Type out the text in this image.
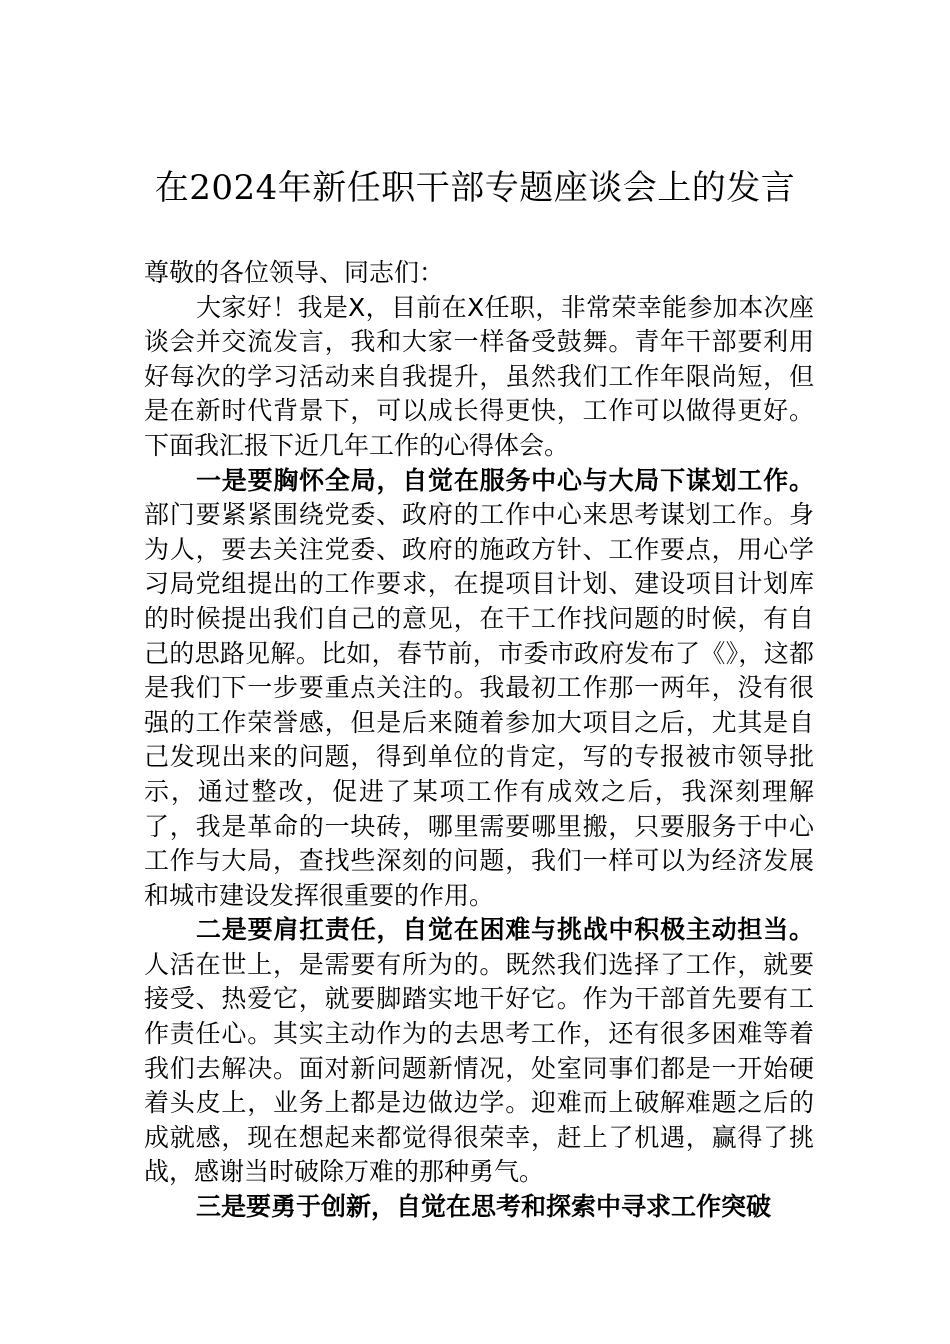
在2024年新任职干部专题座谈会上的发言

尊敬的各位领导、同志们：

大家好！我是X，目前在X任职，非常荣幸能参加本次座谈会并交流发言，我和大家一样备受鼓舞。青年干部要利用好每次的学习活动来自我提升，虽然我们工作年限尚短，但是在新时代背景下，可以成长得更快，工作可以做得更好。下面我汇报下近几年工作的心得体会。

一是要胸怀全局，自觉在服务中心与大局下谋划工作。部门要紧紧围绕党委、政府的工作中心来思考谋划工作。身为人，要去关注党委、政府的施政方针、工作要点，用心学习局党组提出的工作要求，在提项目计划、建设项目计划库的时候提出我们自己的意见，在干工作找问题的时候，有自己的思路见解。比如，春节前，市委市政府发布了《》，这都是我们下一步要重点关注的。我最初工作那一两年，没有很强的工作荣誉感，但是后来随着参加大项目之后，尤其是自己发现出来的问题，得到单位的肯定，写的专报被市领导批示，通过整改，促进了某项工作有成效之后，我深刻理解了，我是革命的一块砖，哪里需要哪里搬，只要服务于中心工作与大局，查找些深刻的问题，我们一样可以为经济发展和城市建设发挥很重要的作用。

二是要肩扛责任，自觉在困难与挑战中积极主动担当。人活在世上，是需要有所为的。既然我们选择了工作，就要接受、热爱它，就要脚踏实地干好它。作为干部首先要有工作责任心。其实主动作为的去思考工作，还有很多困难等着我们去解决。面对新问题新情况，处室同事们都是一开始硬着头皮上，业务上都是边做边学。迎难而上破解难题之后的成就感，现在想起来都觉得很荣幸，赶上了机遇，赢得了挑战，感谢当时破除万难的那种勇气。

三是要勇于创新，自觉在思考和探索中寻求工作突破
